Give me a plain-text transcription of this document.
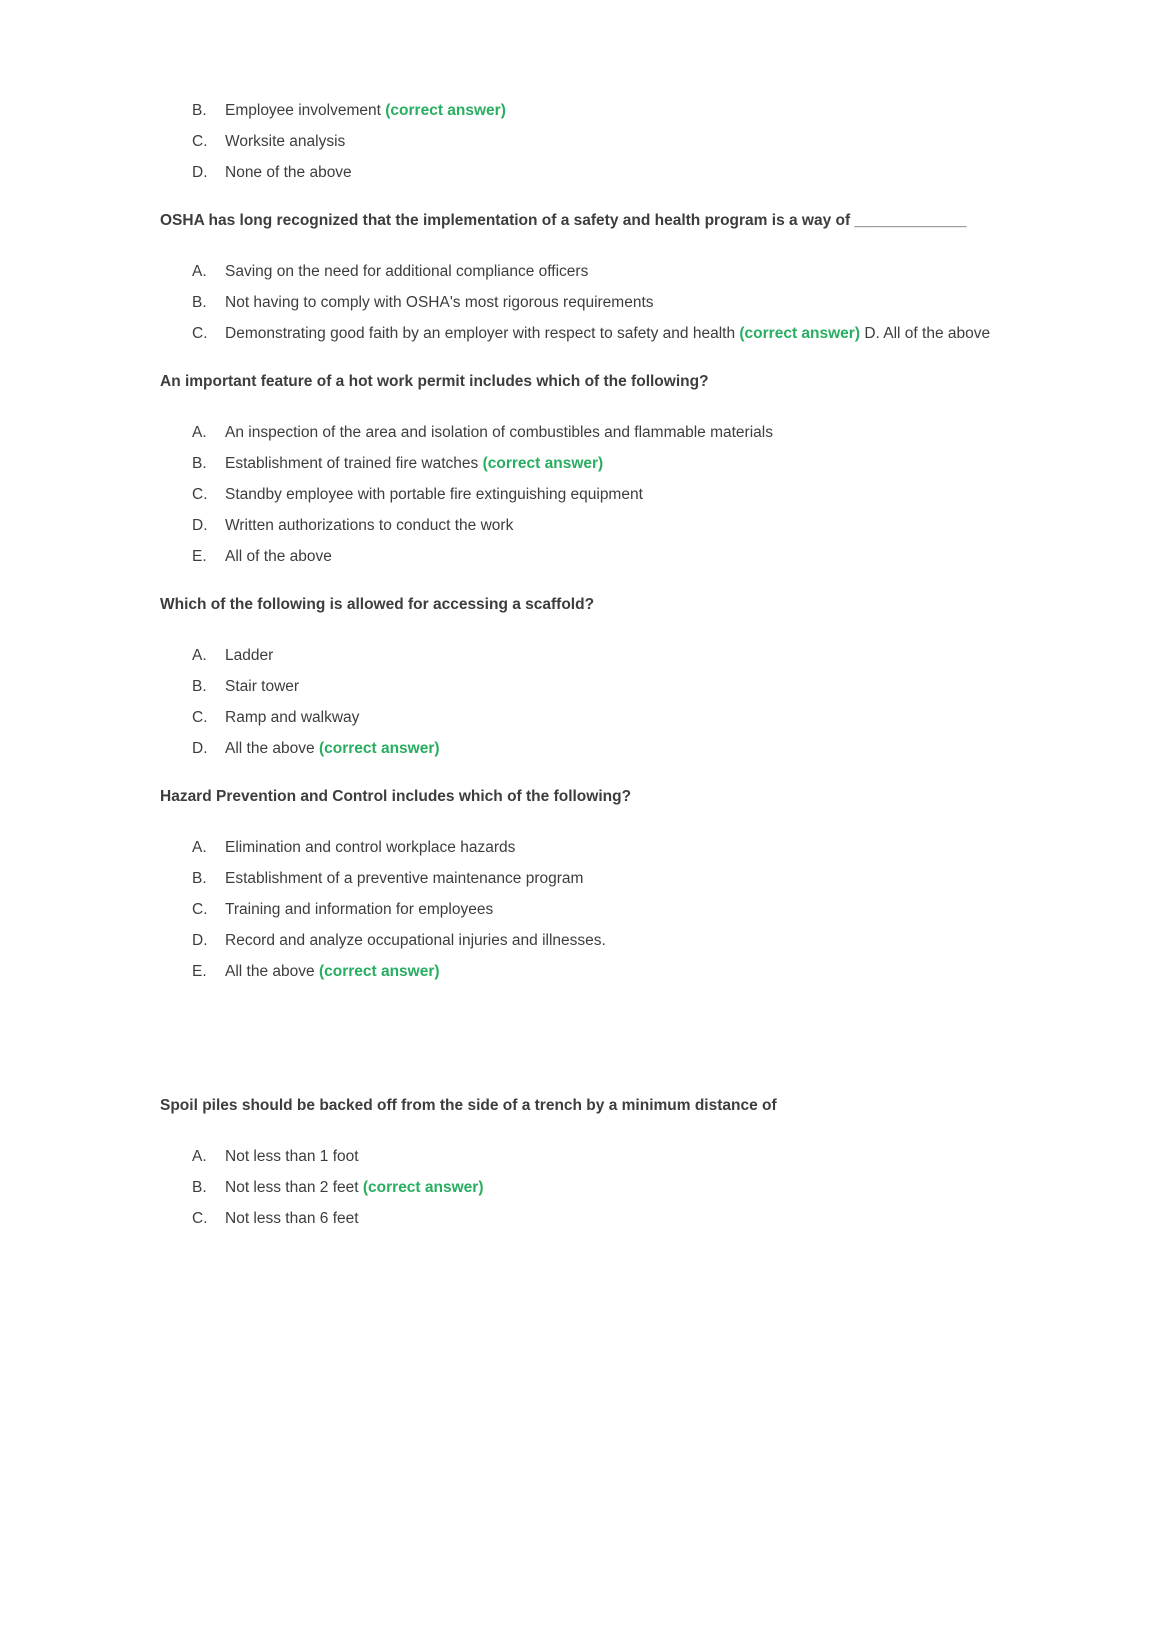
B.	Employee involvement (correct answer)
C.	Worksite analysis
D.	None of the above
OSHA has long recognized that the implementation of a safety and health program is a way of _____________
A.	Saving on the need for additional compliance officers
B.	Not having to comply with OSHA's most rigorous requirements
C.	Demonstrating good faith by an employer with respect to safety and health (correct answer) D. All of the above
An important feature of a hot work permit includes which of the following?
A.	An inspection of the area and isolation of combustibles and flammable materials
B.	Establishment of trained fire watches (correct answer)
C.	Standby employee with portable fire extinguishing equipment
D.	Written authorizations to conduct the work
E.	All of the above
Which of the following is allowed for accessing a scaffold?
A.	Ladder
B.	Stair tower
C.	Ramp and walkway
D.	All the above (correct answer)
Hazard Prevention and Control includes which of the following?
A.	Elimination and control workplace hazards
B.	Establishment of a preventive maintenance program
C.	Training and information for employees
D.	Record and analyze occupational injuries and illnesses.
E.	All the above (correct answer)
Spoil piles should be backed off from the side of a trench by a minimum distance of
A.	Not less than 1 foot
B.	Not less than 2 feet (correct answer)
C.	Not less than 6 feet
